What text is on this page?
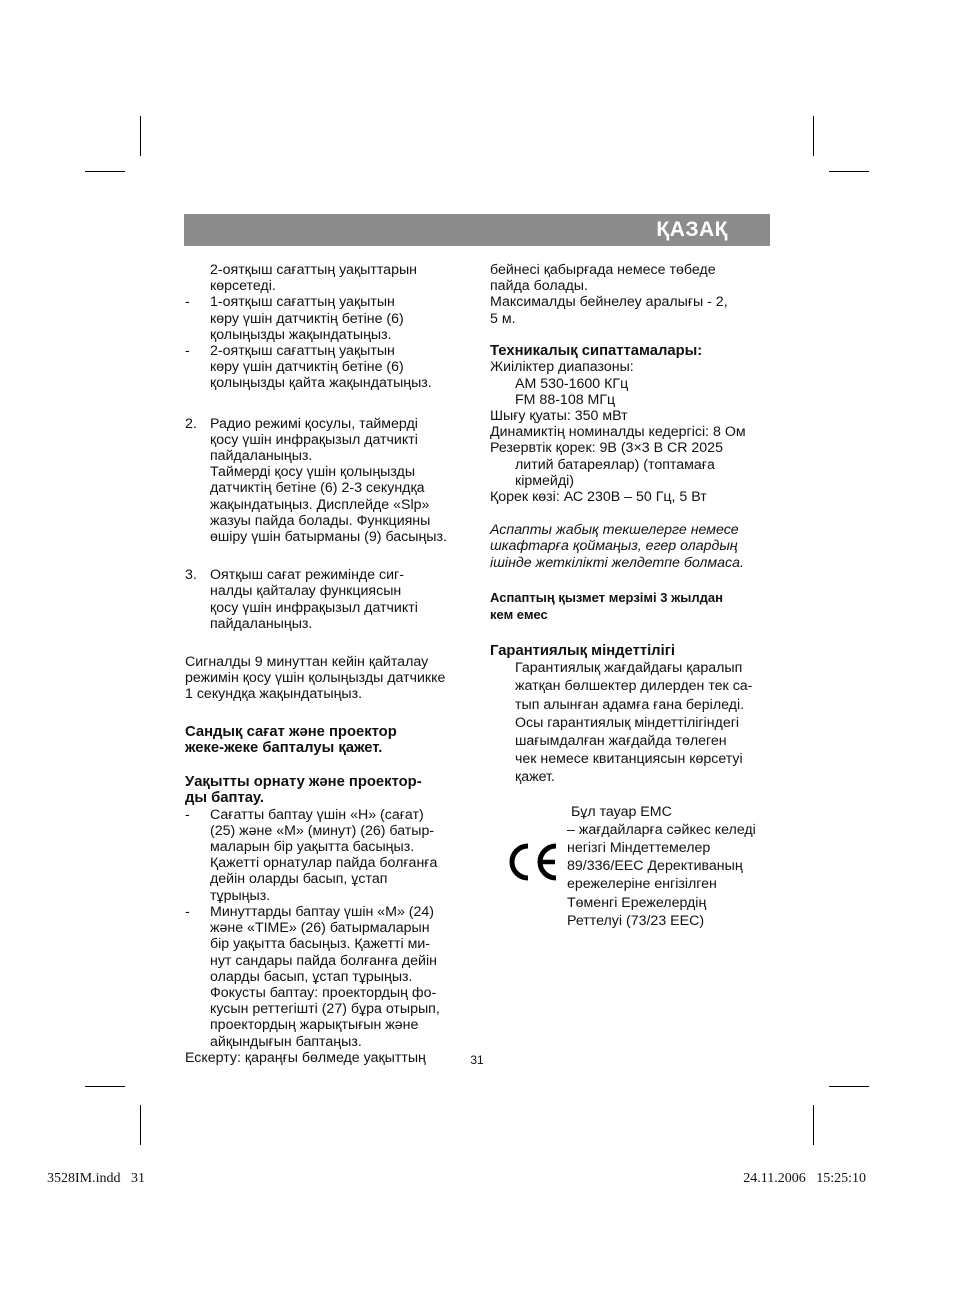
ҚАЗАҚ
2-оятқыш сағаттың уақыттарын
көрсетеді.
- 1-оятқыш сағаттың уақытын
көру үшін датчиктің бетіне (6)
қолыңызды жақындатыңыз.
- 2-оятқыш сағаттың уақытын
көру үшін датчиктің бетіне (6)
қолыңызды қайта жақындатыңыз.
2. Радио режимі қосулы, таймерді
қосу үшін инфрақызыл датчикті
пайдаланыңыз.
Таймерді қосу үшін қолыңызды
датчиктің бетіне (6) 2-3 секундқа
жақындатыңыз. Дисплейде «Slp»
жазуы пайда болады. Функцияны
өшіру үшін батырманы (9) басыңыз.
3. Оятқыш сағат режимінде сиг-
налды қайталау функциясын
қосу үшін инфрақызыл датчикті
пайдаланыңыз.
Сигналды 9 минуттан кейін қайталау
режимін қосу үшін қолыңызды датчикке
1 секундқа жақындатыңыз.
Сандық сағат және проектор
жеке-жеке бапталуы қажет.
Уақытты орнату және проектор-
ды баптау.
- Сағатты баптау үшін «H» (сағат)
(25) және «M» (минут) (26) батыр-
маларын бір уақытта басыңыз.
Қажетті орнатулар пайда болғанға
дейін оларды басып, ұстап
тұрыңыз.
- Минуттарды баптау үшін «M» (24)
және «TIME» (26) батырмаларын
бір уақытта басыңыз. Қажетті ми-
нут сандары пайда болғанға дейін
оларды басып, ұстап тұрыңыз.
Фокусты баптау: проектордың фо-
кусын реттегішті (27) бұра отырып,
проектордың жарықтығын және
айқындығын баптаңыз.
Ескерту: қараңғы бөлмеде уақыттың
бейнесі қабырғада немесе төбеде
пайда болады.
Максималды бейнелеу аралығы - 2,
5 м.
Техникалық сипаттамалары:
Жиіліктер диапазоны:
AM 530-1600 КГц
FM 88-108 МГц
Шығу қуаты: 350 мВт
Динамиктің номиналды кедергісі: 8 Ом
Резервтік қорек: 9В (3×3 В CR 2025
литий батареялар) (топтамаға
кірмейді)
Қорек көзі: АС 230В – 50 Гц, 5 Вт
Аспапты жабық текшелерге немесе
шкафтарға қоймаңыз, егер олардың
ішінде жеткілікті желдетпе болмаса.
Аспаптың қызмет мерзімі 3 жылдан
кем емес
Гарантиялық міндеттілігі
Гарантиялық жағдайдағы қаралып
жатқан бөлшектер дилерден тек са-
тып алынған адамға ғана беріледі.
Осы гарантиялық міндеттілігіндегі
шағымдалған жағдайда төлеген
чек немесе квитанциясын көрсетуі
қажет.
Бұл тауар EMC
– жағдайларға сәйкес келеді
негізгі Міндеттемелер
89/336/EEC Дерективаның
ережелеріне енгізілген
Төменгі Ережелердің
Реттелуі (73/23 EEC)
31
3528IM.indd   31	24.11.2006   15:25:10
